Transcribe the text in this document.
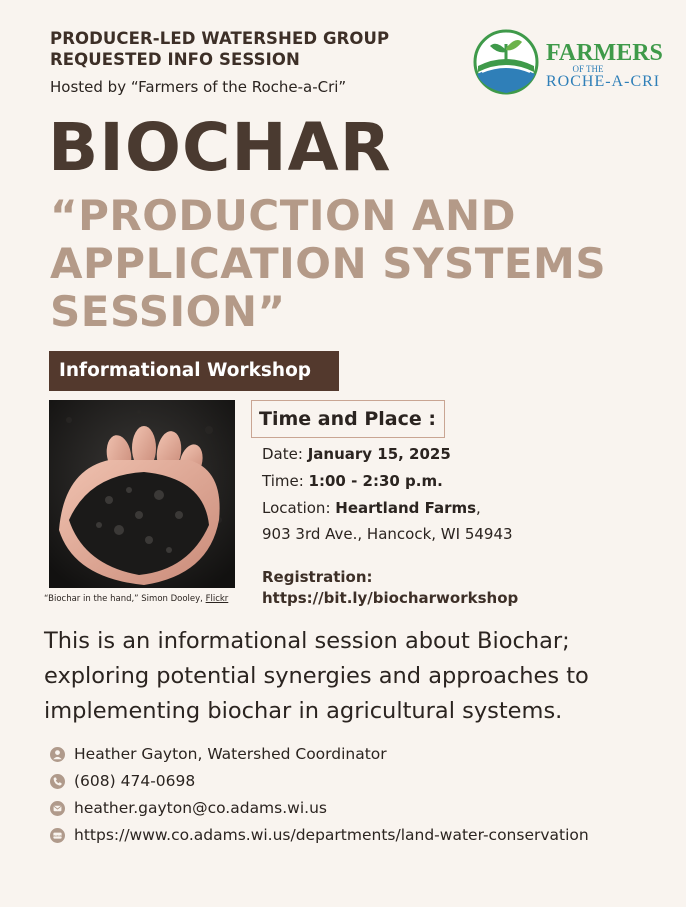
PRODUCER-LED WATERSHED GROUP
REQUESTED INFO SESSION
Hosted by “Farmers of the Roche-a-Cri”
FARMERS
OF THE
ROCHE-A-CRI
BIOCHAR
“PRODUCTION AND
APPLICATION SYSTEMS
SESSION”
Informational Workshop
“Biochar in the hand,” Simon Dooley, Flickr
Time and Place :
Date: January 15, 2025
Time: 1:00 - 2:30 p.m.
Location: Heartland Farms,
903 3rd Ave., Hancock, WI 54943
Registration:
https://bit.ly/biocharworkshop
This is an informational session about Biochar; exploring potential synergies and approaches to implementing biochar in agricultural systems.
Heather Gayton, Watershed Coordinator
(608) 474-0698
heather.gayton@co.adams.wi.us
www https://www.co.adams.wi.us/departments/land-water-conservation
